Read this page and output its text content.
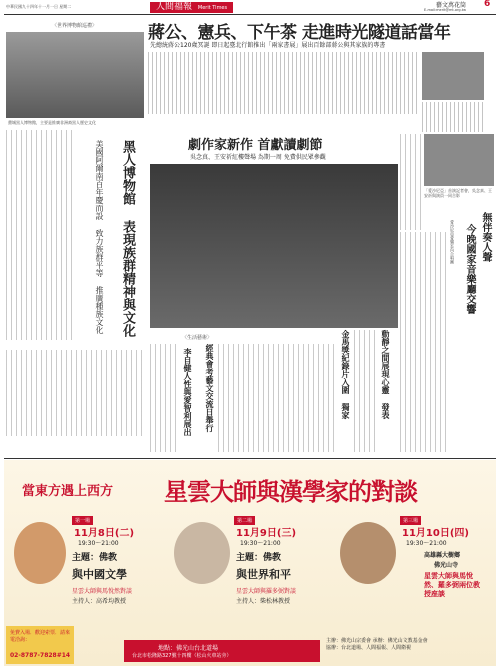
中華民國九十四年十一月一日 星期二	人間福報 Merit Times	藝文萬花筒 6
E-mail:merit@mt.org.tw
蔣公、憲兵、下午茶 走進時光隧道話當年
先總統蔣公120歲冥誕 即日起臺北行館推出「兩家書展」展出百餘部蔣公與其家族的專書
〈世界博物館巡禮〉
費城黑人博物館，主要是推廣非洲裔黑人歷史文化
黑人博物館 表現族群精神與文化
美國阿爾南百年慶而設 致力族群平等 推廣種族文化	劇作家新作 首獻讀劇節
吳念真、王安祈紅樓聲場 為期一周 免費供民眾參觀
「愛沙尼亞」首演記者會，吳念真、王安祈與演員一同合影
無伴奏人聲
今晚國家音樂廳交響
愛沙尼亞愛樂室內合唱團
〈生活藝術〉	動靜之間展現心靈 發表
金馬獎紀錄片入圍 獨家
經典會考藝文交流日舉行
李自健人性與愛智利展出
當東方遇上西方 星雲大師與漢學家的對談
第一場
11月8日(二)
19:30～21:00
主題：佛教
與中國文學
星雲大師與馬悅然對談
主持人：高希均教授
第二場
11月9日(三)
19:30～21:00
主題：佛教
與世界和平
星雲大師與羅多弼對談
主持人：柴松林教授
第三場
11月10日(四)
19:30～21:00
高雄縣大樹鄉
佛光山寺
星雲大師與馬悅然、羅多弼兩位教授座談
免費入場．歡迎索票．請來電洽詢：
02-8787-7828#14
地點：佛光山台北道場
台北市松隆路327號十四樓（松山火車站旁）
主辦：佛光山宗委會 承辦：佛光山文教基金會
協辦：台北道場、人間福報、人間衛視
